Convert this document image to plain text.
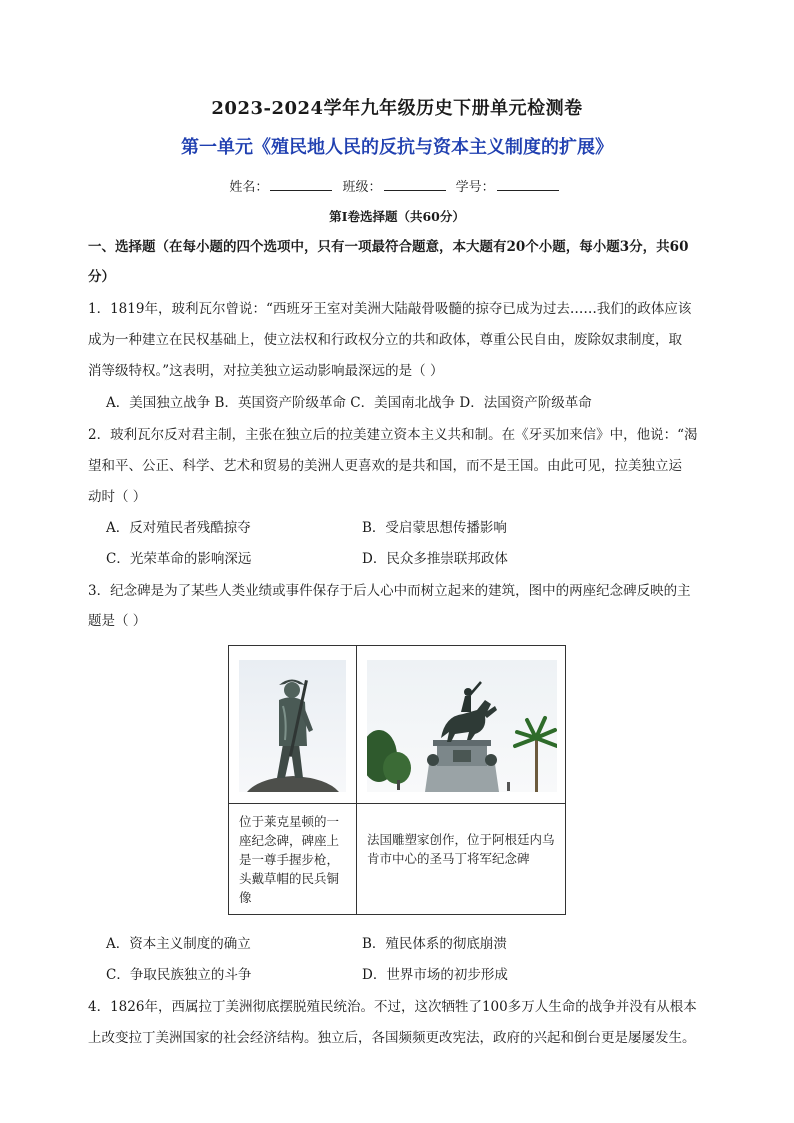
2023-2024学年九年级历史下册单元检测卷
第一单元《殖民地人民的反抗与资本主义制度的扩展》
姓名：	班级：	学号：
第I卷选择题（共60分）
一、选择题（在每小题的四个选项中，只有一项最符合题意，本大题有20个小题，每小题3分，共60
分）
1．1819年，玻利瓦尔曾说：“西班牙王室对美洲大陆敲骨吸髓的掠夺已成为过去……我们的政体应该
成为一种建立在民权基础上，使立法权和行政权分立的共和政体，尊重公民自由，废除奴隶制度，取
消等级特权。”这表明，对拉美独立运动影响最深远的是（ ）
A．美国独立战争 B．英国资产阶级革命 C．美国南北战争 D．法国资产阶级革命
2．玻利瓦尔反对君主制，主张在独立后的拉美建立资本主义共和制。在《牙买加来信》中，他说：“渴
望和平、公正、科学、艺术和贸易的美洲人更喜欢的是共和国，而不是王国。由此可见，拉美独立运
动时（ ）
A．反对殖民者残酷掠夺	B．受启蒙思想传播影响
C．光荣革命的影响深远	D．民众多推崇联邦政体
3．纪念碑是为了某些人类业绩或事件保存于后人心中而树立起来的建筑，图中的两座纪念碑反映的主
题是（ ）
位于莱克星顿的一座纪念碑，碑座上是一尊手握步枪，头戴草帽的民兵铜像
法国雕塑家创作，位于阿根廷内乌肯市中心的圣马丁将军纪念碑
A．资本主义制度的确立	B．殖民体系的彻底崩溃
C．争取民族独立的斗争	D．世界市场的初步形成
4．1826年，西属拉丁美洲彻底摆脱殖民统治。不过，这次牺牲了100多万人生命的战争并没有从根本
上改变拉丁美洲国家的社会经济结构。独立后，各国频频更改宪法，政府的兴起和倒台更是屡屡发生。
